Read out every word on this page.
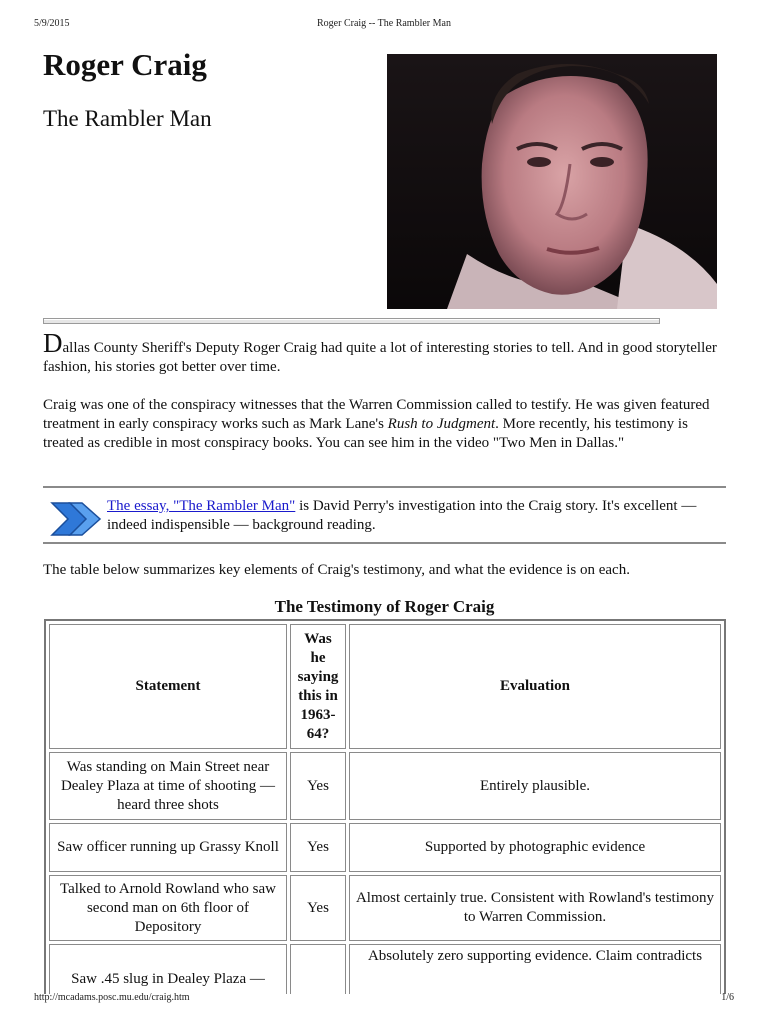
5/9/2015	Roger Craig -- The Rambler Man
Roger Craig
The Rambler Man

Dallas County Sheriff's Deputy Roger Craig had quite a lot of interesting stories to tell. And in good storyteller fashion, his stories got better over time.

Craig was one of the conspiracy witnesses that the Warren Commission called to testify. He was given featured treatment in early conspiracy works such as Mark Lane's Rush to Judgment. More recently, his testimony is treated as credible in most conspiracy books. You can see him in the video "Two Men in Dallas."

The essay, "The Rambler Man" is David Perry's investigation into the Craig story. It's excellent — indeed indispensible — background reading.

The table below summarizes key elements of Craig's testimony, and what the evidence is on each.

The Testimony of Roger Craig
Statement	Was he saying this in 1963-64?	Evaluation
Was standing on Main Street near Dealey Plaza at time of shooting — heard three shots	Yes	Entirely plausible.
Saw officer running up Grassy Knoll	Yes	Supported by photographic evidence
Talked to Arnold Rowland who saw second man on 6th floor of Depository	Yes	Almost certainly true. Consistent with Rowland's testimony to Warren Commission.
Saw .45 slug in Dealey Plaza —		Absolutely zero supporting evidence. Claim contradicts
http://mcadams.posc.mu.edu/craig.htm	1/6
